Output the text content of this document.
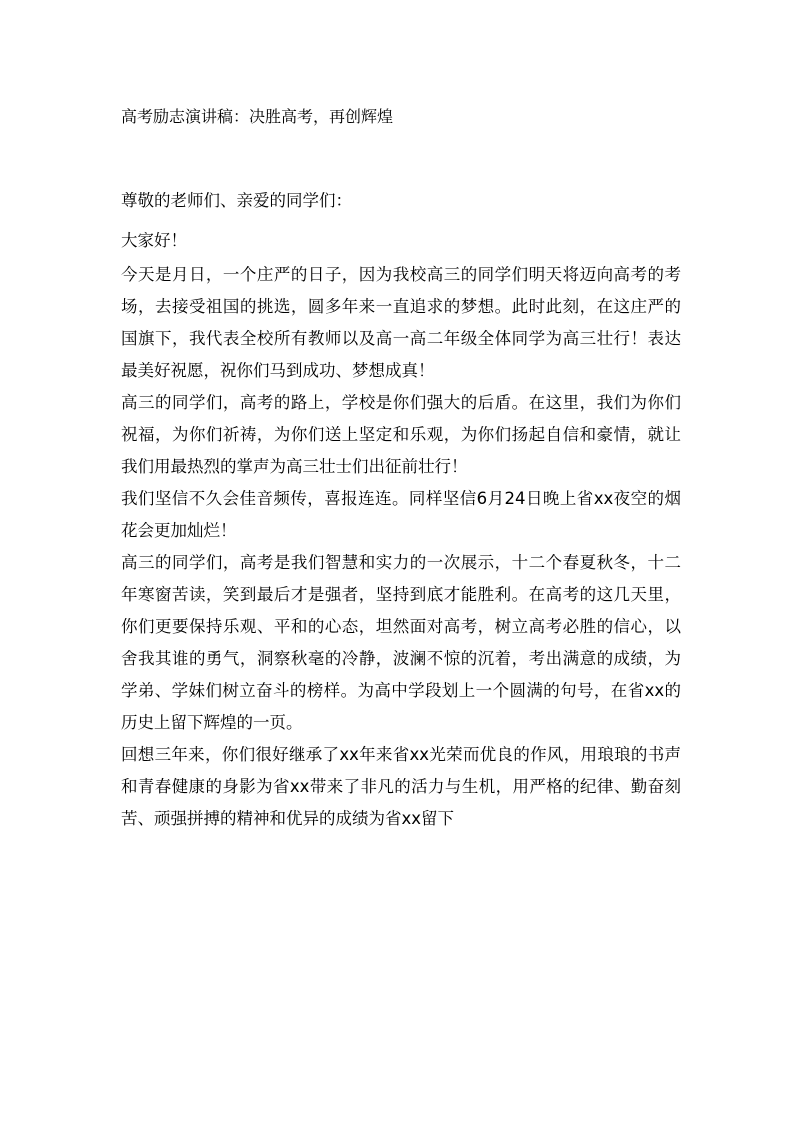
高考励志演讲稿：决胜高考，再创辉煌
尊敬的老师们、亲爱的同学们：
大家好！

今天是月日，一个庄严的日子，因为我校高三的同学们明天将迈向高考的考场，去接受祖国的挑选，圆多年来一直追求的梦想。此时此刻，在这庄严的国旗下，我代表全校所有教师以及高一高二年级全体同学为高三壮行！表达最美好祝愿，祝你们马到成功、梦想成真！

高三的同学们，高考的路上，学校是你们强大的后盾。在这里，我们为你们祝福，为你们祈祷，为你们送上坚定和乐观，为你们扬起自信和豪情，就让我们用最热烈的掌声为高三壮士们出征前壮行！

我们坚信不久会佳音频传，喜报连连。同样坚信6月24日晚上省xx夜空的烟花会更加灿烂！

高三的同学们，高考是我们智慧和实力的一次展示，十二个春夏秋冬，十二年寒窗苦读，笑到最后才是强者，坚持到底才能胜利。在高考的这几天里，你们更要保持乐观、平和的心态，坦然面对高考，树立高考必胜的信心，以舍我其谁的勇气，洞察秋毫的冷静，波澜不惊的沉着，考出满意的成绩，为学弟、学妹们树立奋斗的榜样。为高中学段划上一个圆满的句号，在省xx的历史上留下辉煌的一页。

回想三年来，你们很好继承了xx年来省xx光荣而优良的作风，用琅琅的书声和青春健康的身影为省xx带来了非凡的活力与生机，用严格的纪律、勤奋刻苦、顽强拼搏的精神和优异的成绩为省xx留下
